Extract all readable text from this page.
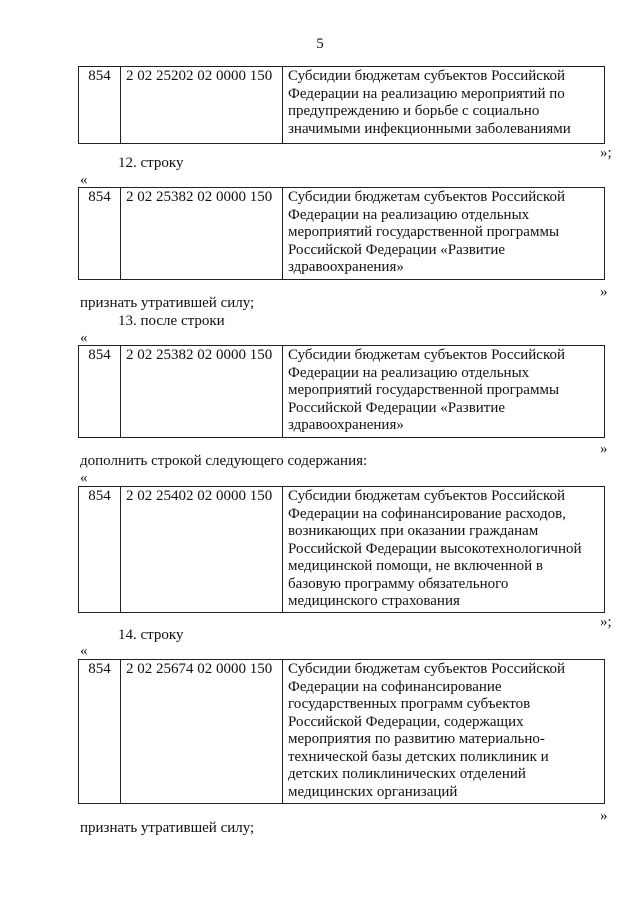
5
854	2 02 25202 02 0000 150	Субсидии бюджетам субъектов Российской
Федерации на реализацию мероприятий по
предупреждению и борьбе с социально
значимыми инфекционными заболеваниями
»;
12. строку
«
854	2 02 25382 02 0000 150	Субсидии бюджетам субъектов Российской
Федерации на реализацию отдельных
мероприятий государственной программы
Российской Федерации «Развитие
здравоохранения»
»
признать утратившей силу;
13. после строки
«
854	2 02 25382 02 0000 150	Субсидии бюджетам субъектов Российской
Федерации на реализацию отдельных
мероприятий государственной программы
Российской Федерации «Развитие
здравоохранения»
»
дополнить строкой следующего содержания:
«
854	2 02 25402 02 0000 150	Субсидии бюджетам субъектов Российской
Федерации на софинансирование расходов,
возникающих при оказании гражданам
Российской Федерации высокотехнологичной
медицинской помощи, не включенной в
базовую программу обязательного
медицинского страхования
»;
14. строку
«
854	2 02 25674 02 0000 150	Субсидии бюджетам субъектов Российской
Федерации на софинансирование
государственных программ субъектов
Российской Федерации, содержащих
мероприятия по развитию материально-
технической базы детских поликлиник и
детских поликлинических отделений
медицинских организаций
»
признать утратившей силу;
